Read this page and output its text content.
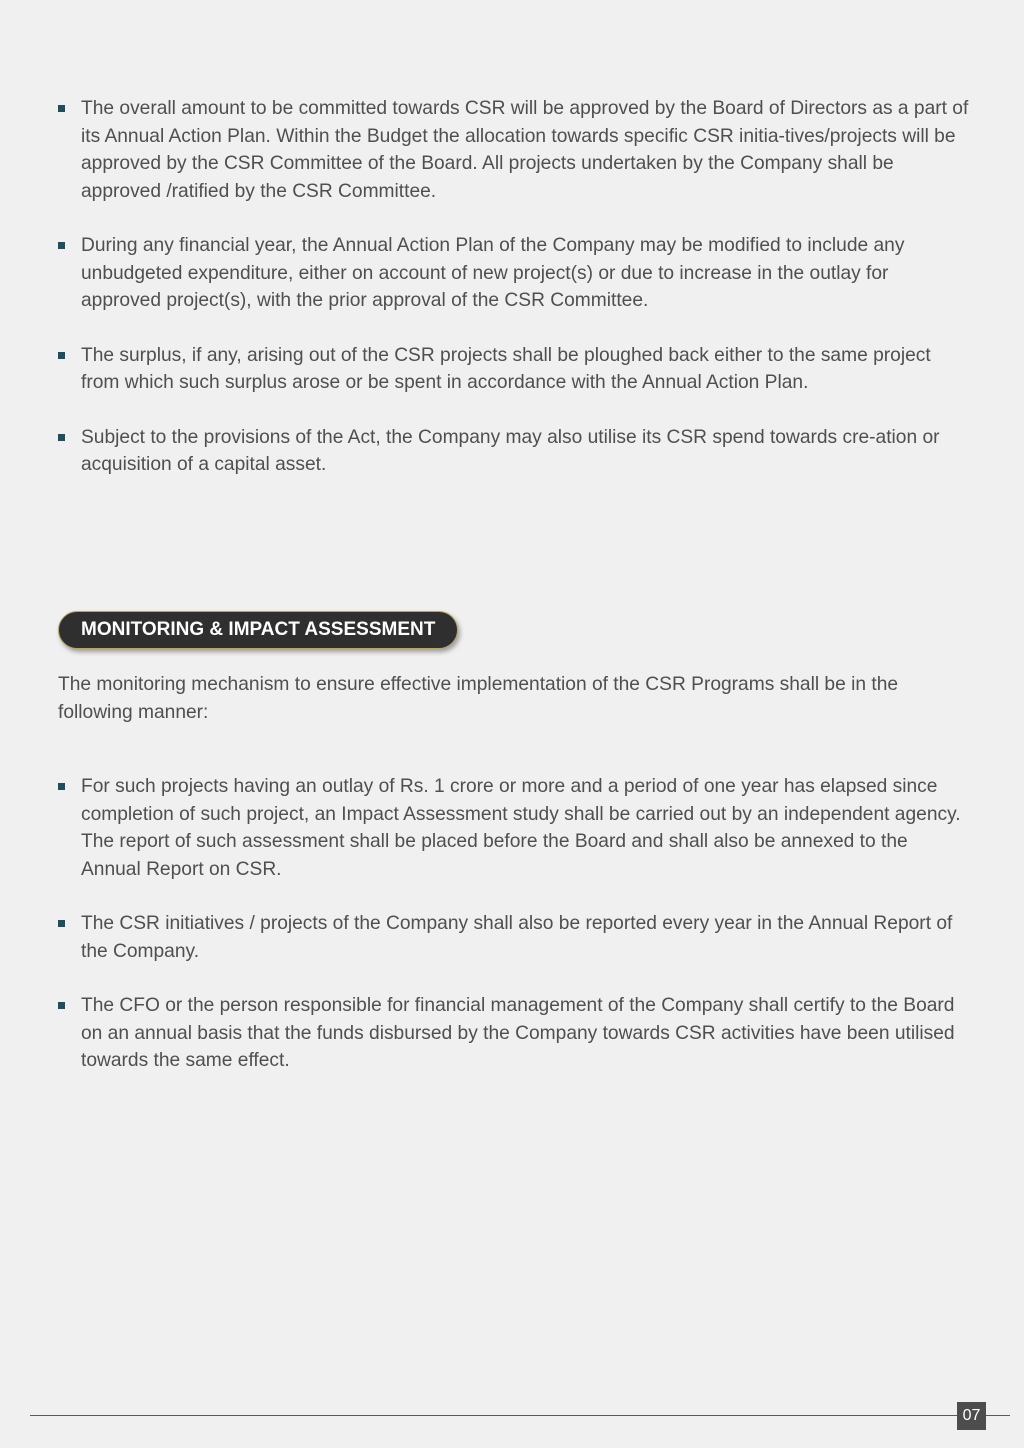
The overall amount to be committed towards CSR will be approved by the Board of Directors as a part of its Annual Action Plan. Within the Budget the allocation towards specific CSR initia-tives/projects will be approved by the CSR Committee of the Board. All projects undertaken by the Company shall be approved /ratified by the CSR Committee.
During any financial year, the Annual Action Plan of the Company may be modified to include any unbudgeted expenditure, either on account of new project(s) or due to increase in the outlay for approved project(s), with the prior approval of the CSR Committee.
The surplus, if any, arising out of the CSR projects shall be ploughed back either to the same project from which such surplus arose or be spent in accordance with the Annual Action Plan.
Subject to the provisions of the Act, the Company may also utilise its CSR spend towards cre-ation or acquisition of a capital asset.
MONITORING & IMPACT ASSESSMENT

The monitoring mechanism to ensure effective implementation of the CSR Programs shall be in the following manner:

For such projects having an outlay of Rs. 1 crore or more and a period of one year has elapsed since completion of such project, an Impact Assessment study shall be carried out by an independent agency. The report of such assessment shall be placed before the Board and shall also be annexed to the Annual Report on CSR.
The CSR initiatives / projects of the Company shall also be reported every year in the Annual Report of the Company.
The CFO or the person responsible for financial management of the Company shall certify to the Board on an annual basis that the funds disbursed by the Company towards CSR activities have been utilised towards the same effect.
07
